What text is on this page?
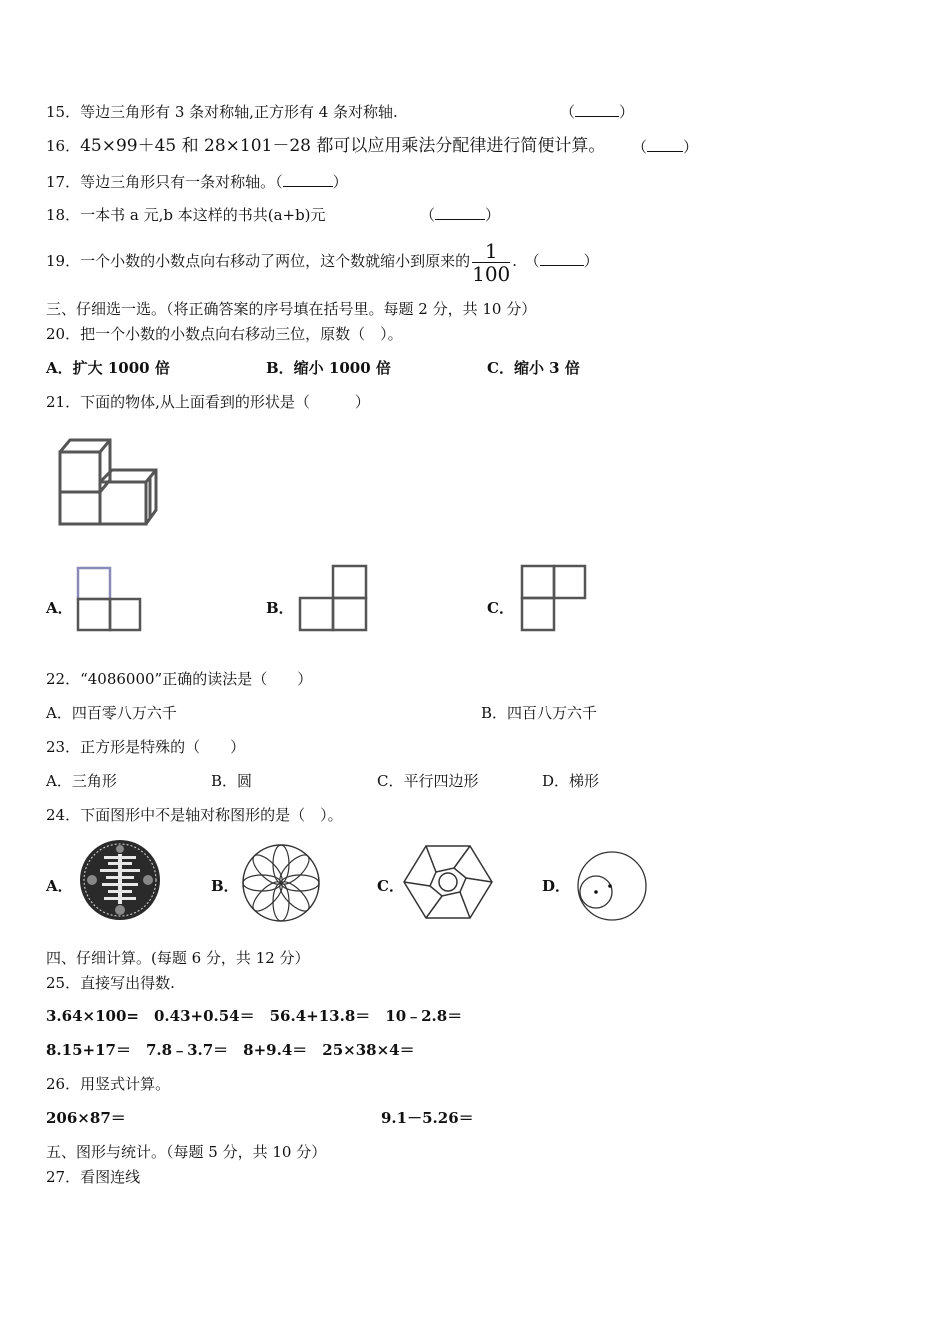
15．等边三角形有 3 条对称轴,正方形有 4 条对称轴.	（	）
16．45×99＋45 和 28×101－28 都可以应用乘法分配律进行简便计算。 （ ）
17．等边三角形只有一条对称轴。（	）
18．一本书 a 元,b 本这样的书共(a+b)元	（	）
19．一个小数的小数点向右移动了两位，这个数就缩小到原来的 $\frac{1}{100}$ .　 （	）
三、仔细选一选。（将正确答案的序号填在括号里。每题 2 分，共 10 分）
20．把一个小数的小数点向右移动三位，原数（　）。
A．扩大 1000 倍	B．缩小 1000 倍	C．缩小 3 倍
21．下面的物体,从上面看到的形状是（　　　）
A．	B．	C．
22．“4086000”正确的读法是（　　）
A．四百零八万六千	B．四百八万六千
23．正方形是特殊的（　　）
A．三角形	B．圆	C．平行四边形	D．梯形
24．下面图形中不是轴对称图形的是（　）。
A．	B．	C．	D．
四、仔细计算。(每题 6 分，共 12 分）
25．直接写出得数.
3.64×100=　0.43+0.54＝　56.4+13.8＝　10﹣2.8＝
8.15+17＝　7.8﹣3.7＝　8+9.4＝　25×38×4＝
26．用竖式计算。
206×87＝	9.1－5.26＝
五、图形与统计。（每题 5 分，共 10 分）
27．看图连线
